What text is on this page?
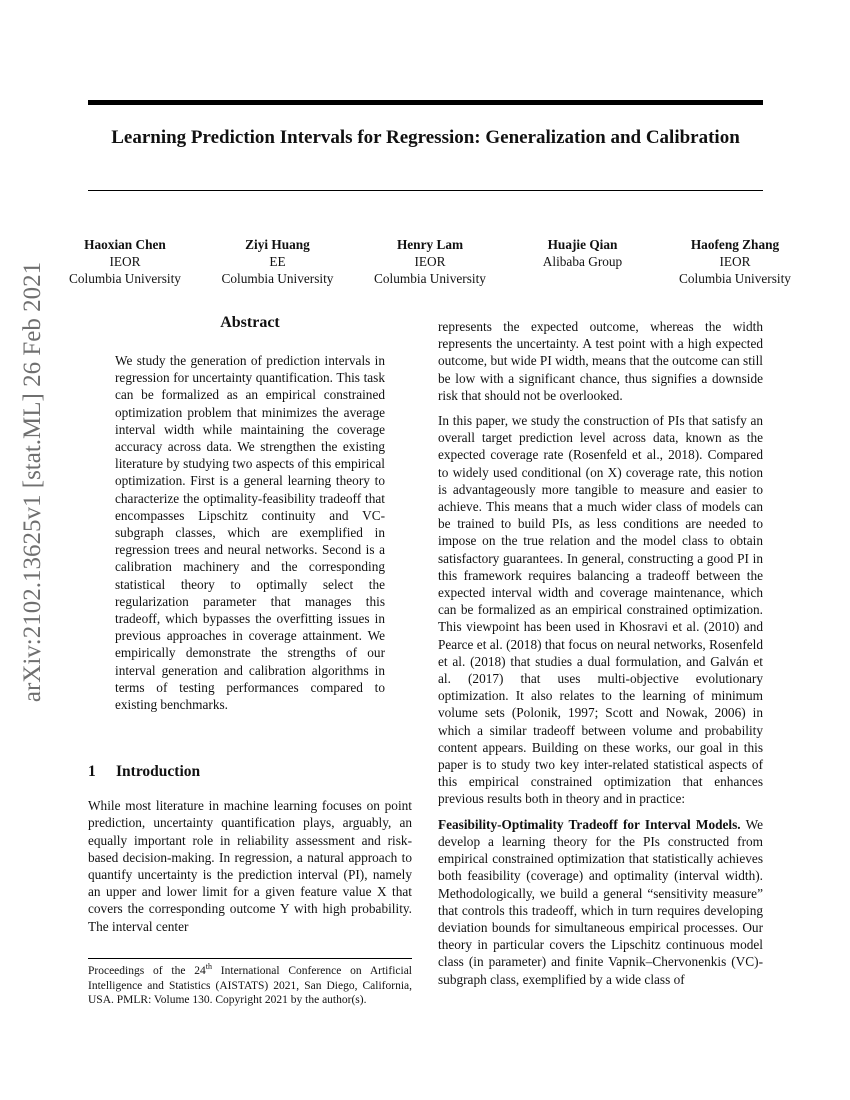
Learning Prediction Intervals for Regression: Generalization and Calibration
Haoxian Chen
IEOR
Columbia University
Ziyi Huang
EE
Columbia University
Henry Lam
IEOR
Columbia University
Huajie Qian
Alibaba Group
Haofeng Zhang
IEOR
Columbia University
arXiv:2102.13625v1 [stat.ML] 26 Feb 2021	Abstract

We study the generation of prediction intervals in regression for uncertainty quantification. This task can be formalized as an empirical constrained optimization problem that minimizes the average interval width while maintaining the coverage accuracy across data. We strengthen the existing literature by studying two aspects of this empirical optimization. First is a general learning theory to characterize the optimality-feasibility tradeoff that encompasses Lipschitz continuity and VC-subgraph classes, which are exemplified in regression trees and neural networks. Second is a calibration machinery and the corresponding statistical theory to optimally select the regularization parameter that manages this tradeoff, which bypasses the overfitting issues in previous approaches in coverage attainment. We empirically demonstrate the strengths of our interval generation and calibration algorithms in terms of testing performances compared to existing benchmarks.

1 Introduction

While most literature in machine learning focuses on point prediction, uncertainty quantification plays, arguably, an equally important role in reliability assessment and risk-based decision-making. In regression, a natural approach to quantify uncertainty is the prediction interval (PI), namely an upper and lower limit for a given feature value X that covers the corresponding outcome Y with high probability. The interval center

Proceedings of the 24th International Conference on Artificial Intelligence and Statistics (AISTATS) 2021, San Diego, California, USA. PMLR: Volume 130. Copyright 2021 by the author(s).

represents the expected outcome, whereas the width represents the uncertainty. A test point with a high expected outcome, but wide PI width, means that the outcome can still be low with a significant chance, thus signifies a downside risk that should not be overlooked.

In this paper, we study the construction of PIs that satisfy an overall target prediction level across data, known as the expected coverage rate (Rosenfeld et al., 2018). Compared to widely used conditional (on X) coverage rate, this notion is advantageously more tangible to measure and easier to achieve. This means that a much wider class of models can be trained to build PIs, as less conditions are needed to impose on the true relation and the model class to obtain satisfactory guarantees. In general, constructing a good PI in this framework requires balancing a tradeoff between the expected interval width and coverage maintenance, which can be formalized as an empirical constrained optimization. This viewpoint has been used in Khosravi et al. (2010) and Pearce et al. (2018) that focus on neural networks, Rosenfeld et al. (2018) that studies a dual formulation, and Galván et al. (2017) that uses multi-objective evolutionary optimization. It also relates to the learning of minimum volume sets (Polonik, 1997; Scott and Nowak, 2006) in which a similar tradeoff between volume and probability content appears. Building on these works, our goal in this paper is to study two key inter-related statistical aspects of this empirical constrained optimization that enhances previous results both in theory and in practice:

Feasibility-Optimality Tradeoff for Interval Models. We develop a learning theory for the PIs constructed from empirical constrained optimization that statistically achieves both feasibility (coverage) and optimality (interval width). Methodologically, we build a general “sensitivity measure” that controls this tradeoff, which in turn requires developing deviation bounds for simultaneous empirical processes. Our theory in particular covers the Lipschitz continuous model class (in parameter) and finite Vapnik–Chervonenkis (VC)-subgraph class, exemplified by a wide class of
